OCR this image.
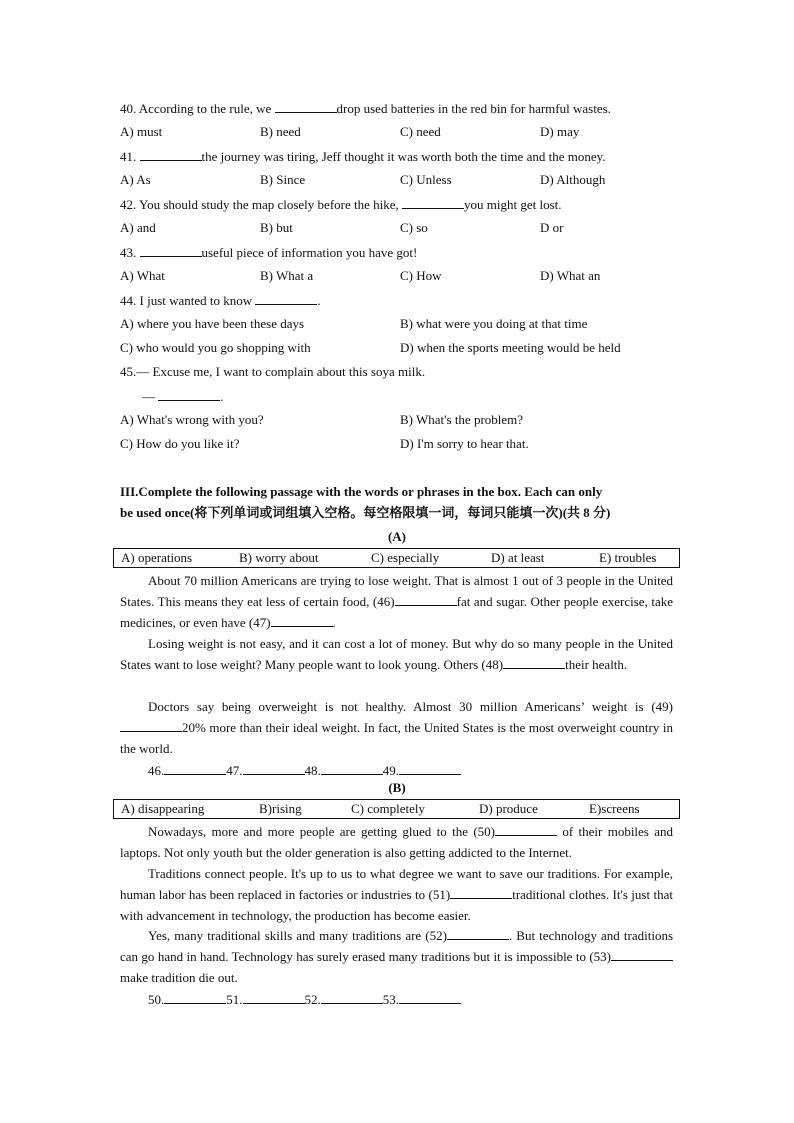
40. According to the rule, we	drop used batteries in the red bin for harmful wastes.
A) must	B) need	C) need	D) may
41.	the journey was tiring, Jeff thought it was worth both the time and the money.
A) As	B) Since	C) Unless	D) Although
42. You should study the map closely before the hike,	you might get lost.
A) and	B) but	C) so	D or
43.	useful piece of information you have got!
A) What	B) What a	C) How	D) What an
44. I just wanted to know	.
A) where you have been these days	B) what were you doing at that time
C) who would you go shopping with	D) when the sports meeting would be held
45.— Excuse me, I want to complain about this soya milk.
—	.
A) What's wrong with you?	B) What's the problem?
C) How do you like it?	D) I'm sorry to hear that.
III.Complete the following passage with the words or phrases in the box. Each can only
be used once(将下列单词或词组填入空格。每空格限填一词，每词只能填一次)(共 8 分)
(A)
A) operations	B) worry about	C) especially	D) at least	E) troubles
About 70 million Americans are trying to lose weight. That is almost 1 out of 3 people in the United States. This means they eat less of certain food, (46)	fat and sugar. Other people exercise, take medicines, or even have (47)	.
Losing weight is not easy, and it can cost a lot of money. But why do so many people in the United States want to lose weight? Many people want to look young. Others (48)	their health.
Doctors say being overweight is not healthy. Almost 30 million Americans’ weight is (49)20% more than their ideal weight. In fact, the United States is the most overweight country in the world.
46.	47.	48.	49.
(B)
A) disappearing	B)rising	C) completely	D) produce	E)screens
Nowadays, more and more people are getting glued to the (50)	of their mobiles and laptops. Not only youth but the older generation is also getting addicted to the Internet.
Traditions connect people. It's up to us to what degree we want to save our traditions. For example, human labor has been replaced in factories or industries to (51)	traditional clothes. It's just that with advancement in technology, the production has become easier.
Yes, many traditional skills and many traditions are (52)	. But technology and traditions can go hand in hand. Technology has surely erased many traditions but it is impossible to (53)make tradition die out.
50.	51.	52.	53.
